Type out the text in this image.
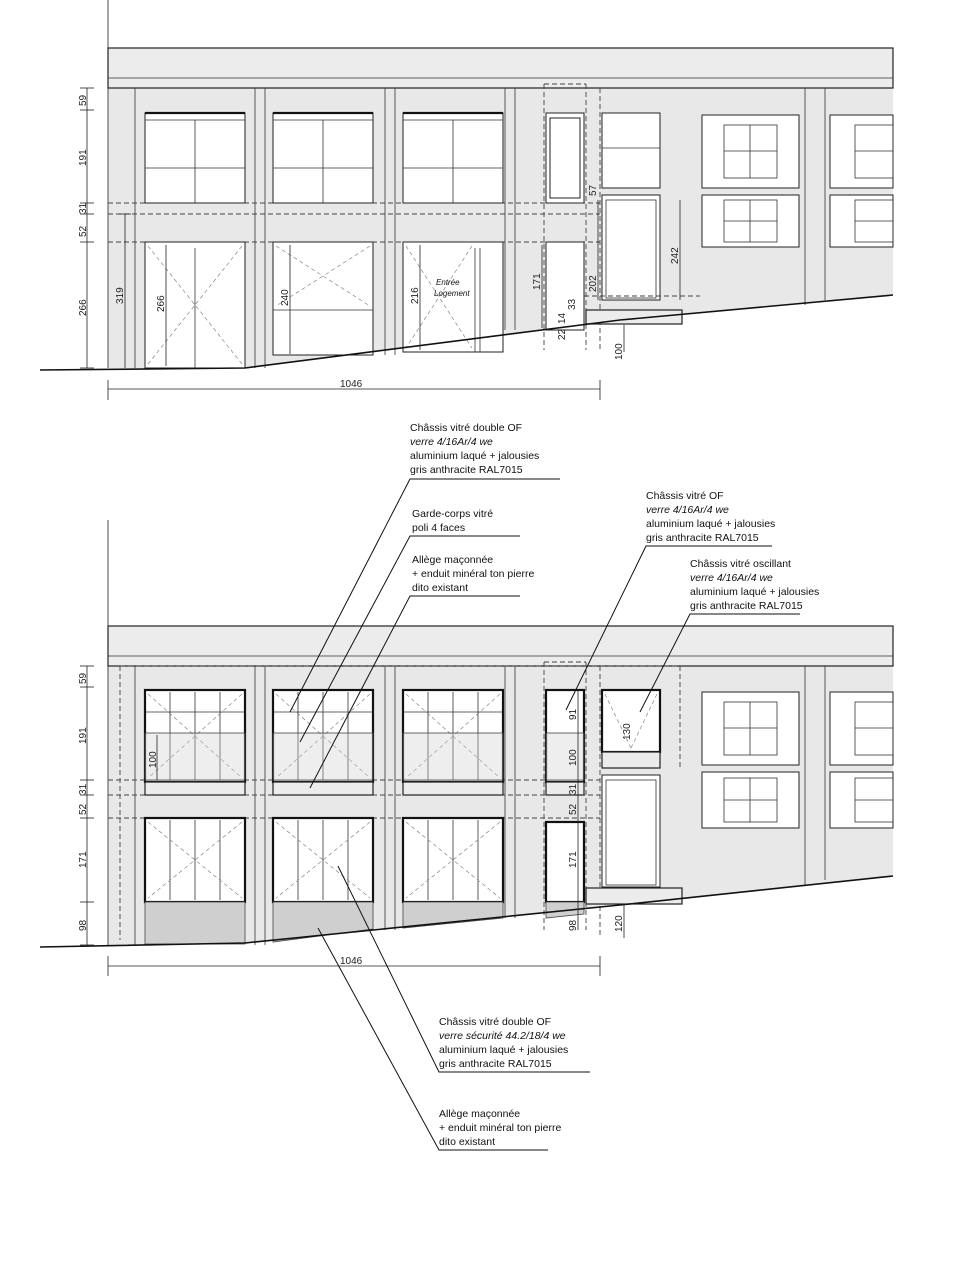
Entrée
Logement
59
191
31
52
266
319	266	240	216
171
57
202
242
33
14
22
100
1046
59
191
31
52
171
98
100
91
100
31
52
171
98
130
120
1046
Châssis vitré double OF
verre 4/16Ar/4 we
aluminium laqué + jalousies
gris anthracite RAL7015
Garde-corps vitré
poli 4 faces
Allège maçonnée
+ enduit minéral ton pierre
dito existant
Châssis vitré OF
verre 4/16Ar/4 we
aluminium laqué + jalousies
gris anthracite RAL7015
Châssis vitré oscillant
verre 4/16Ar/4 we
aluminium laqué + jalousies
gris anthracite RAL7015
Châssis vitré double OF
verre sécurité 44.2/18/4 we
aluminium laqué + jalousies
gris anthracite RAL7015
Allège maçonnée
+ enduit minéral ton pierre
dito existant
